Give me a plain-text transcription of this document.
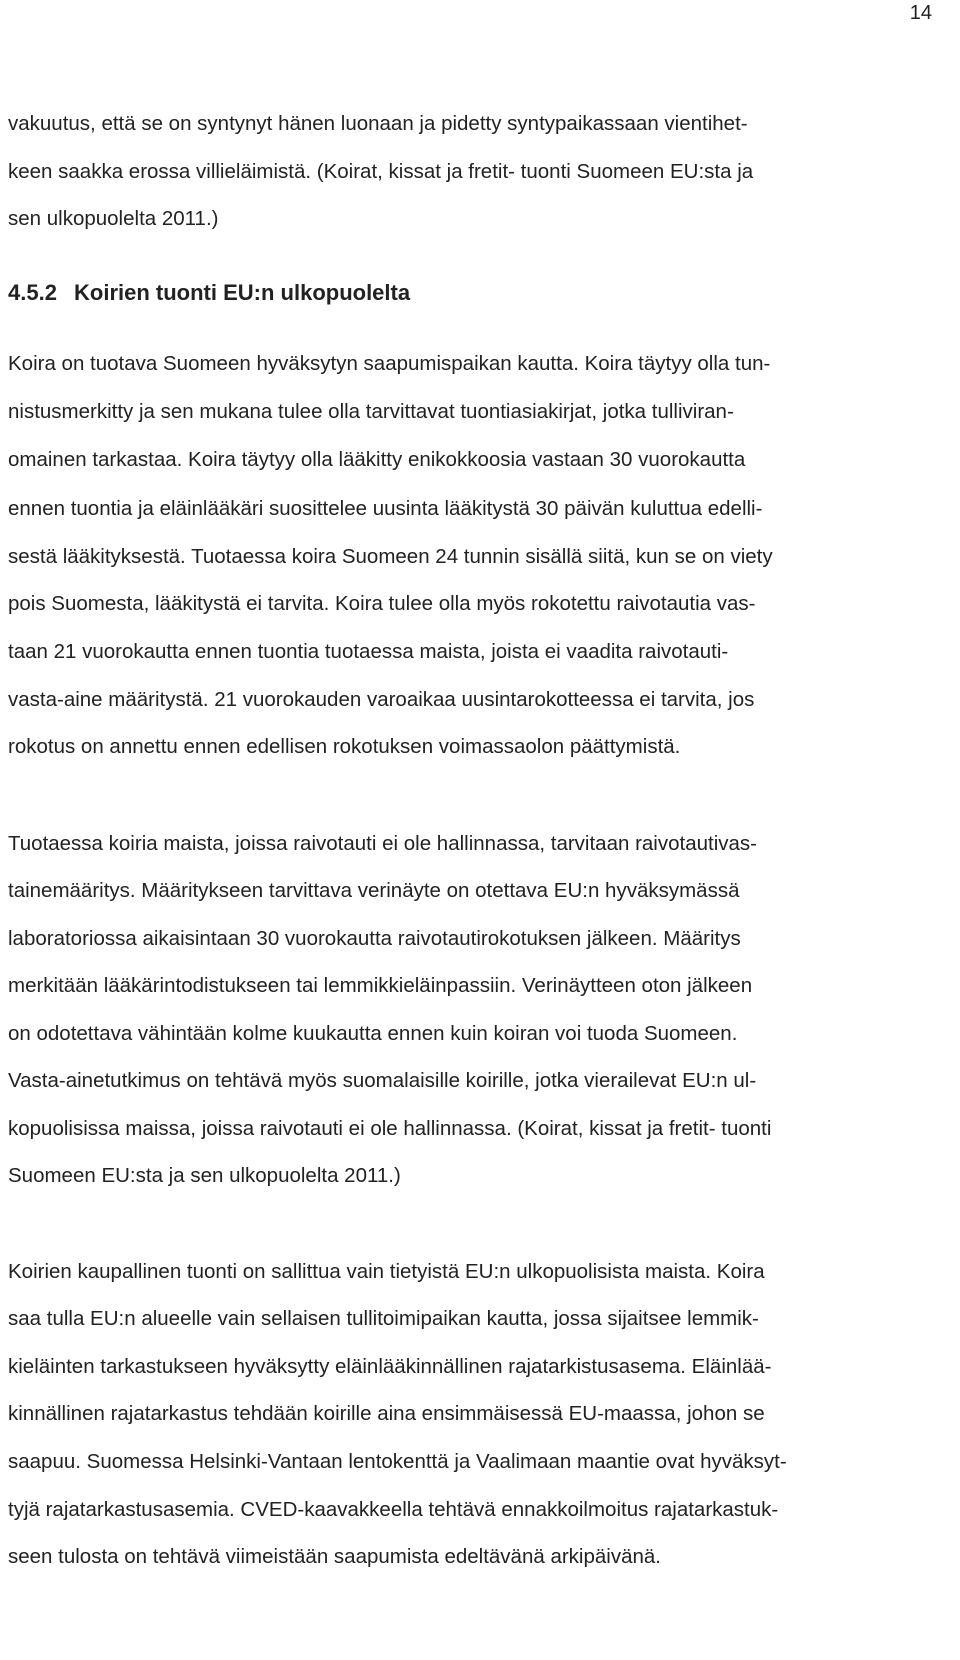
14
vakuutus, että se on syntynyt hänen luonaan ja pidetty syntypaikassaan vientihet-
keen saakka erossa villieläimistä. (Koirat, kissat ja fretit- tuonti Suomeen EU:sta ja
sen ulkopuolelta 2011.)
4.5.2 Koirien tuonti EU:n ulkopuolelta
Koira on tuotava Suomeen hyväksytyn saapumispaikan kautta. Koira täytyy olla tun-
nistusmerkitty ja sen mukana tulee olla tarvittavat tuontiasiakirjat, jotka tulliviran-
omainen tarkastaa. Koira täytyy olla lääkitty enikokkoosia vastaan 30 vuorokautta
ennen tuontia ja eläinlääkäri suosittelee uusinta lääkitystä 30 päivän kuluttua edelli-
sestä lääkityksestä. Tuotaessa koira Suomeen 24 tunnin sisällä siitä, kun se on viety
pois Suomesta, lääkitystä ei tarvita. Koira tulee olla myös rokotettu raivotautia vas-
taan 21 vuorokautta ennen tuontia tuotaessa maista, joista ei vaadita raivotauti-
vasta-aine määritystä. 21 vuorokauden varoaikaa uusintarokotteessa ei tarvita, jos
rokotus on annettu ennen edellisen rokotuksen voimassaolon päättymistä.
Tuotaessa koiria maista, joissa raivotauti ei ole hallinnassa, tarvitaan raivotautivas-
tainemääritys. Määritykseen tarvittava verinäyte on otettava EU:n hyväksymässä
laboratoriossa aikaisintaan 30 vuorokautta raivotautirokotuksen jälkeen. Määritys
merkitään lääkärintodistukseen tai lemmikkieläinpassiin. Verinäytteen oton jälkeen
on odotettava vähintään kolme kuukautta ennen kuin koiran voi tuoda Suomeen.
Vasta-ainetutkimus on tehtävä myös suomalaisille koirille, jotka vierailevat EU:n ul-
kopuolisissa maissa, joissa raivotauti ei ole hallinnassa. (Koirat, kissat ja fretit- tuonti
Suomeen EU:sta ja sen ulkopuolelta 2011.)
Koirien kaupallinen tuonti on sallittua vain tietyistä EU:n ulkopuolisista maista. Koira
saa tulla EU:n alueelle vain sellaisen tullitoimipaikan kautta, jossa sijaitsee lemmik-
kieläinten tarkastukseen hyväksytty eläinlääkinnällinen rajatarkistusasema. Eläinlää-
kinnällinen rajatarkastus tehdään koirille aina ensimmäisessä EU-maassa, johon se
saapuu. Suomessa Helsinki-Vantaan lentokenttä ja Vaalimaan maantie ovat hyväksyt-
tyjä rajatarkastusasemia. CVED-kaavakkeella tehtävä ennakkoilmoitus rajatarkastuk-
seen tulosta on tehtävä viimeistään saapumista edeltävänä arkipäivänä.
